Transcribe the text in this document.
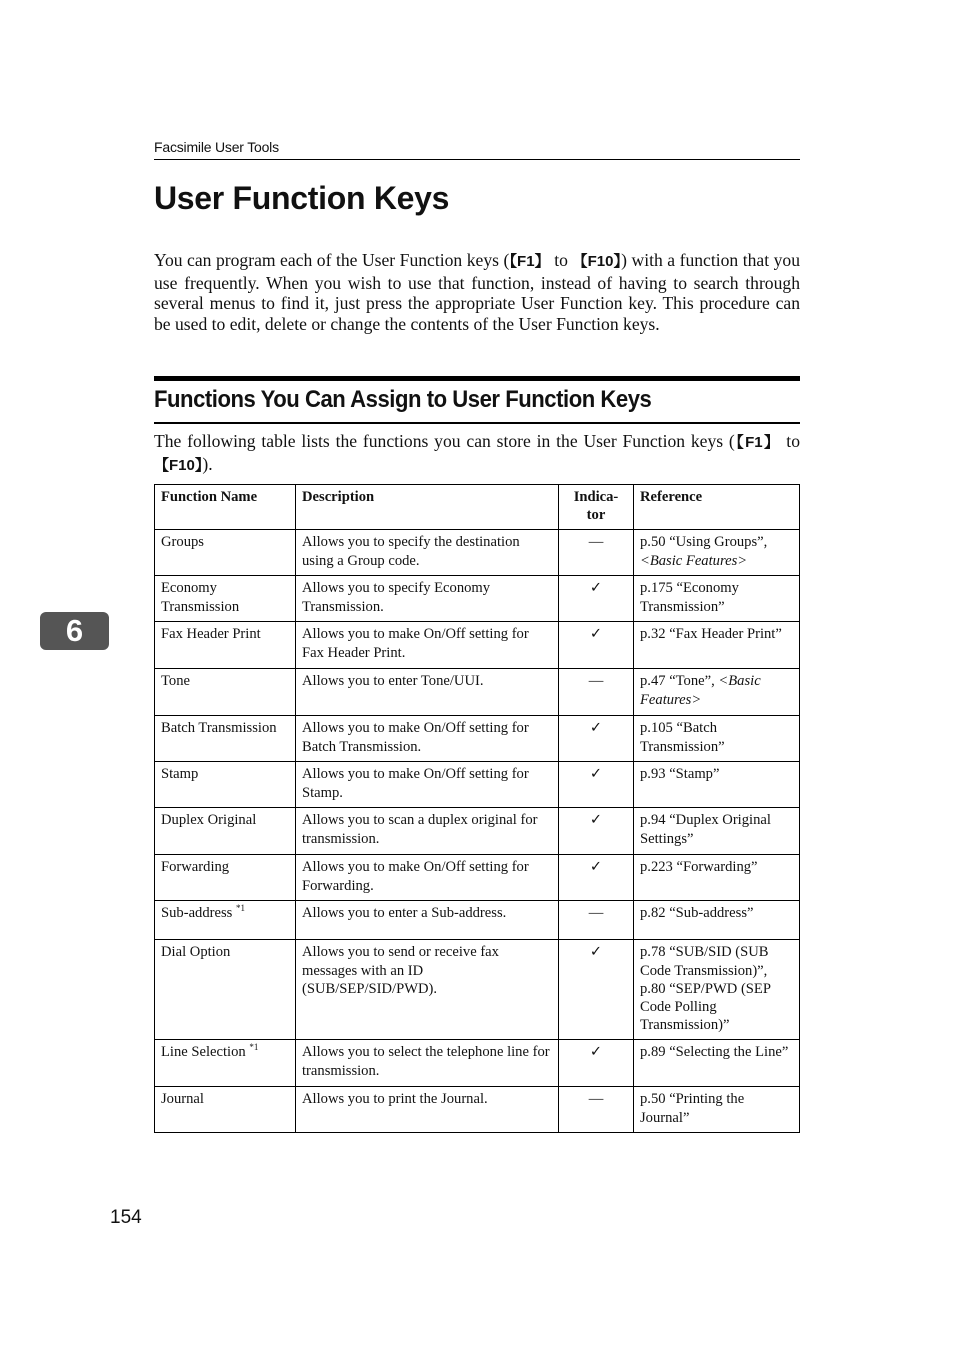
Facsimile User Tools
User Function Keys

You can program each of the User Function keys (【F1】 to 【F10】) with a function that you use frequently. When you wish to use that function, instead of having to search through several menus to find it, just press the appropriate User Function key. This procedure can be used to edit, delete or change the contents of the User Function keys.

Functions You Can Assign to User Function Keys

The following table lists the functions you can store in the User Function keys (【F1】 to 【F10】).

Function Name	Description	Indica- tor	Reference
Groups	Allows you to specify the destination using a Group code.	—	p.50 “Using Groups”, <Basic Features>
Economy Transmission	Allows you to specify Economy Transmission.	✓	p.175 “Economy Transmission”
Fax Header Print	Allows you to make On/Off setting for Fax Header Print.	✓	p.32 “Fax Header Print”
Tone	Allows you to enter Tone/UUI.	—	p.47 “Tone”, <Basic Features>
Batch Transmission	Allows you to make On/Off setting for Batch Transmission.	✓	p.105 “Batch Transmission”
Stamp	Allows you to make On/Off setting for Stamp.	✓	p.93 “Stamp”
Duplex Original	Allows you to scan a duplex original for transmission.	✓	p.94 “Duplex Original Settings”
Forwarding	Allows you to make On/Off setting for Forwarding.	✓	p.223 “Forwarding”
Sub-address $^{*1}$	Allows you to enter a Sub-address.	—	p.82 “Sub-address”
Dial Option	Allows you to send or receive fax messages with an ID (SUB/SEP/SID/PWD).	✓	p.78 “SUB/SID (SUB Code Transmission)”, p.80 “SEP/PWD (SEP Code Polling Transmission)”
Line Selection $^{*1}$	Allows you to select the telephone line for transmission.	✓	p.89 “Selecting the Line”
Journal	Allows you to print the Journal.	—	p.50 “Printing the Journal”
6
154
